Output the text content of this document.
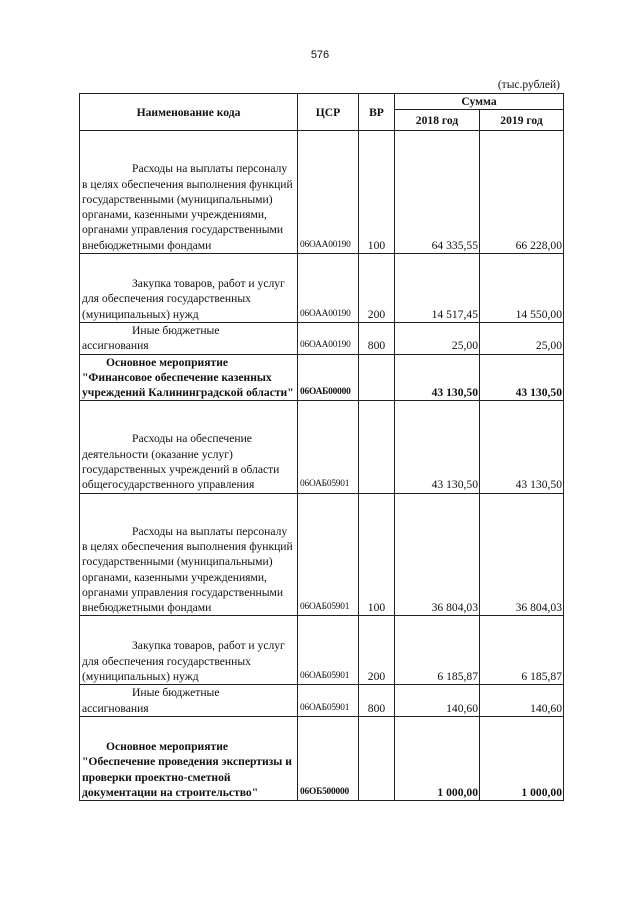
576
(тыс.рублей)
Наименование кода	ЦСР	ВР	Сумма	
			2018 год	2019 год

Расходы на выплаты персоналу
в целях обеспечения выполнения функций государственными (муниципальными) органами, казенными учреждениями, органами управления государственными внебюджетными фондами	06ОАА00190	100	64 335,55	66 228,00

Закупка товаров, работ и услуг
для обеспечения государственных (муниципальных) нужд	06ОАА00190	200	14 517,45	14 550,00

Иные бюджетные
ассигнования	06ОАА00190	800	25,00	25,00

Основное мероприятие
"Финансовое обеспечение казенных учреждений Калининградской области"	06ОАБ00000		43 130,50	43 130,50

Расходы на обеспечение
деятельности (оказание услуг) государственных учреждений в области общегосударственного управления	06ОАБ05901		43 130,50	43 130,50

Расходы на выплаты персоналу
в целях обеспечения выполнения функций государственными (муниципальными) органами, казенными учреждениями, органами управления государственными внебюджетными фондами	06ОАБ05901	100	36 804,03	36 804,03

Закупка товаров, работ и услуг
для обеспечения государственных (муниципальных) нужд	06ОАБ05901	200	6 185,87	6 185,87

Иные бюджетные
ассигнования	06ОАБ05901	800	140,60	140,60

Основное мероприятие
"Обеспечение проведения экспертизы и проверки проектно-сметной документации на строительство"	06ОБ500000		1 000,00	1 000,00
